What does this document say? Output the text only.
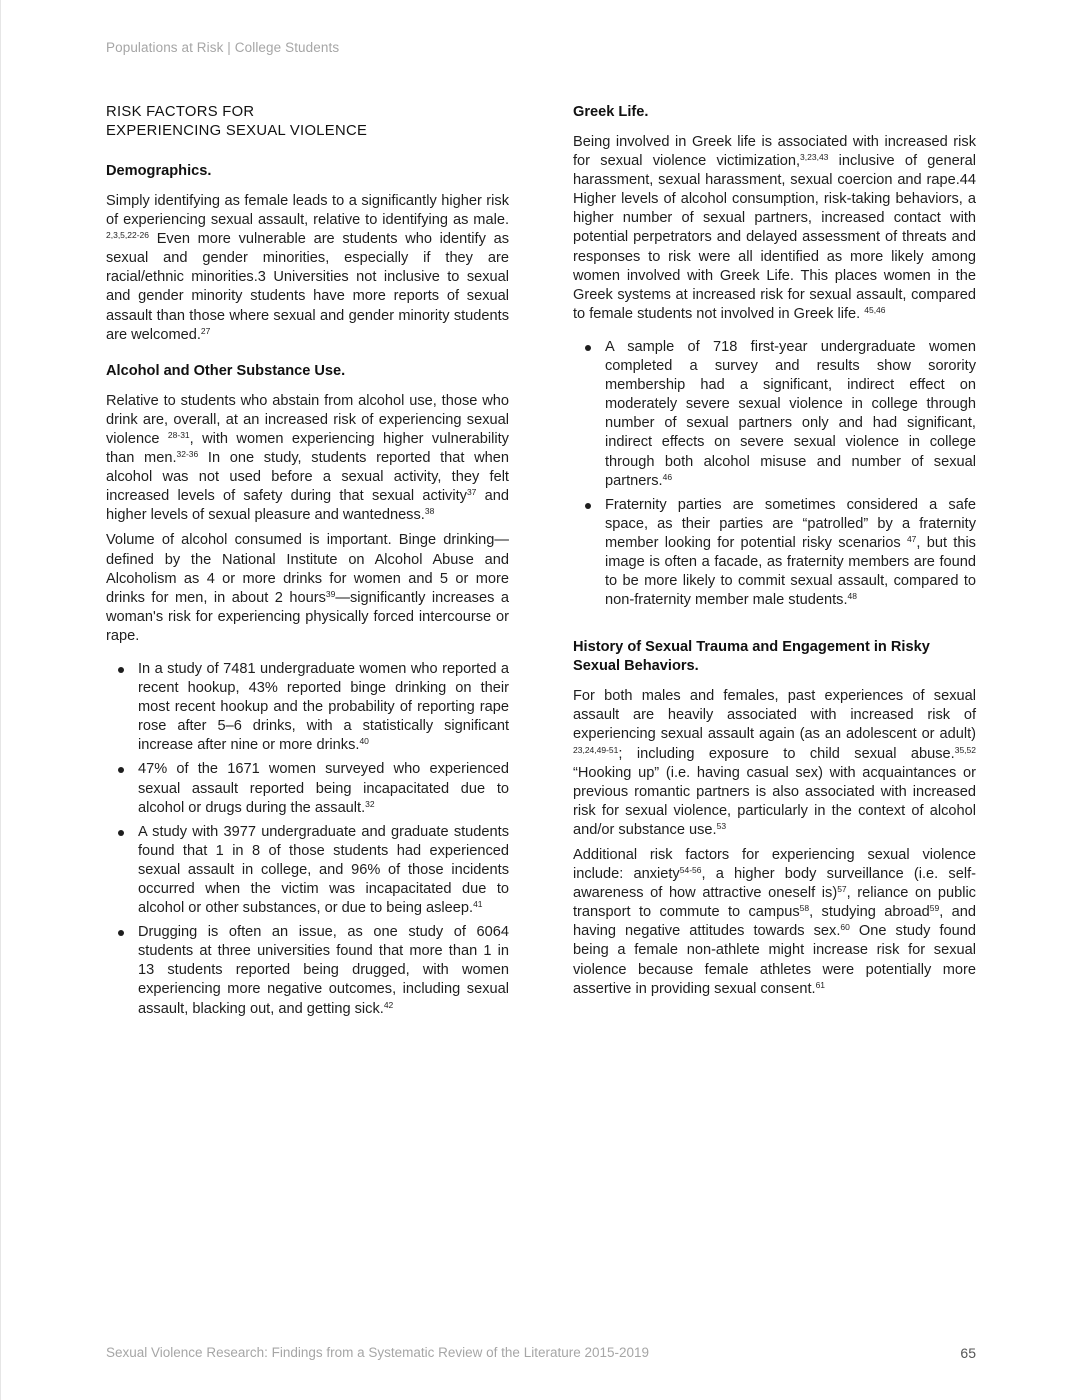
Populations at Risk | College Students
RISK FACTORS FOR
EXPERIENCING SEXUAL VIOLENCE
Demographics.

Simply identifying as female leads to a significantly higher risk of experiencing sexual assault, relative to identifying as male. $^{2,3,5,22-26}$ Even more vulnerable are students who identify as sexual and gender minorities, especially if they are racial/ethnic minorities.3 Universities not inclusive to sexual and gender minority students have more reports of sexual assault than those where sexual and gender minority students are welcomed.$^{27}$

Alcohol and Other Substance Use.

Relative to students who abstain from alcohol use, those who drink are, overall, at an increased risk of experiencing sexual violence $^{28-31}$, with women experiencing higher vulnerability than men.$^{32-36}$ In one study, students reported that when alcohol was not used before a sexual activity, they felt increased levels of safety during that sexual activity$^{37}$ and higher levels of sexual pleasure and wantedness.$^{38}$

Volume of alcohol consumed is important. Binge drinking—defined by the National Institute on Alcohol Abuse and Alcoholism as 4 or more drinks for women and 5 or more drinks for men, in about 2 hours$^{39}$—significantly increases a woman's risk for experiencing physically forced intercourse or rape.

In a study of 7481 undergraduate women who reported a recent hookup, 43% reported binge drinking on their most recent hookup and the probability of reporting rape rose after 5–6 drinks, with a statistically significant increase after nine or more drinks.$^{40}$
47% of the 1671 women surveyed who experienced sexual assault reported being incapacitated due to alcohol or drugs during the assault.$^{32}$
A study with 3977 undergraduate and graduate students found that 1 in 8 of those students had experienced sexual assault in college, and 96% of those incidents occurred when the victim was incapacitated due to alcohol or other substances, or due to being asleep.$^{41}$
Drugging is often an issue, as one study of 6064 students at three universities found that more than 1 in 13 students reported being drugged, with women experiencing more negative outcomes, including sexual assault, blacking out, and getting sick.$^{42}$
Greek Life.

Being involved in Greek life is associated with increased risk for sexual violence victimization,$^{3,23,43}$ inclusive of general harassment, sexual harassment, sexual coercion and rape.44 Higher levels of alcohol consumption, risk-taking behaviors, a higher number of sexual partners, increased contact with potential perpetrators and delayed assessment of threats and responses to risk were all identified as more likely among women involved with Greek Life. This places women in the Greek systems at increased risk for sexual assault, compared to female students not involved in Greek life. $^{45,46}$

A sample of 718 first-year undergraduate women completed a survey and results show sorority membership had a significant, indirect effect on moderately severe sexual violence in college through number of sexual partners only and had significant, indirect effects on severe sexual violence in college through both alcohol misuse and number of sexual partners.$^{46}$
Fraternity parties are sometimes considered a safe space, as their parties are “patrolled” by a fraternity member looking for potential risky scenarios $^{47}$, but this image is often a facade, as fraternity members are found to be more likely to commit sexual assault, compared to non-fraternity member male students.$^{48}$
History of Sexual Trauma and Engagement in Risky
Sexual Behaviors.

For both males and females, past experiences of sexual assault are heavily associated with increased risk of experiencing sexual assault again (as an adolescent or adult) $^{23,24,49-51}$; including exposure to child sexual abuse.$^{35,52}$ “Hooking up” (i.e. having casual sex) with acquaintances or previous romantic partners is also associated with increased risk for sexual violence, particularly in the context of alcohol and/or substance use.$^{53}$

Additional risk factors for experiencing sexual violence include: anxiety$^{54-56}$, a higher body surveillance (i.e. self-awareness of how attractive oneself is)$^{57}$, reliance on public transport to commute to campus$^{58}$, studying abroad$^{59}$, and having negative attitudes towards sex.$^{60}$ One study found being a female non-athlete might increase risk for sexual violence because female athletes were potentially more assertive in providing sexual consent.$^{61}$

Sexual Violence Research: Findings from a Systematic Review of the Literature 2015-2019	65
